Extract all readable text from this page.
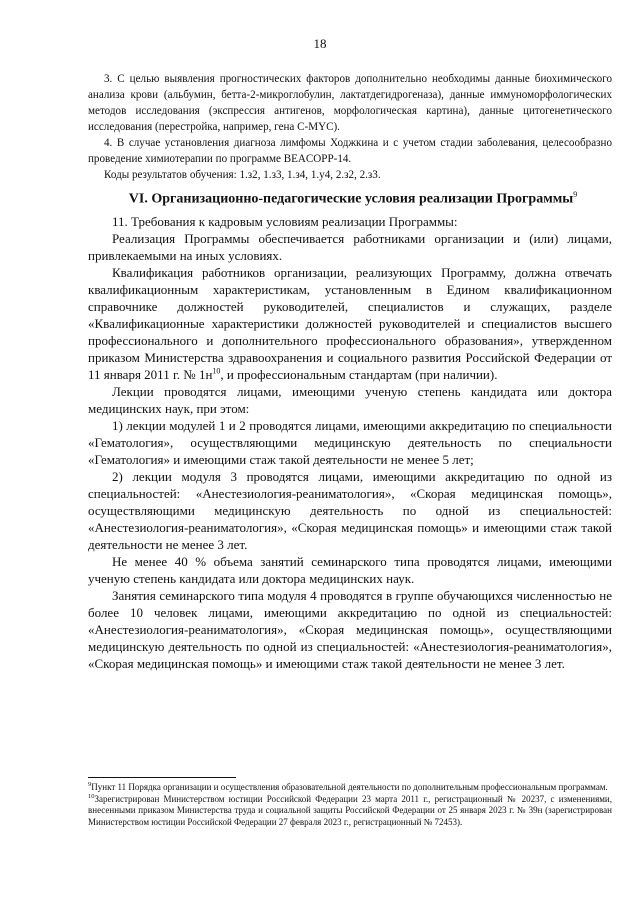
18

3. С целью выявления прогностических факторов дополнительно необходимы данные биохимического анализа крови (альбумин, бетта-2-микроглобулин, лактатдегидрогеназа), данные иммуноморфологических методов исследования (экспрессия антигенов, морфологическая картина), данные цитогенетического исследования (перестройка, например, гена C-MYC).

4. В случае установления диагноза лимфомы Ходжкина и с учетом стадии заболевания, целесообразно проведение химиотерапии по программе BEACOPP-14.

Коды результатов обучения: 1.з2, 1.з3, 1.з4, 1.у4, 2.з2, 2.з3.

VI. Организационно-педагогические условия реализации Программы$^9$

11. Требования к кадровым условиям реализации Программы:

Реализация Программы обеспечивается работниками организации и (или) лицами, привлекаемыми на иных условиях.

Квалификация работников организации, реализующих Программу, должна отвечать квалификационным характеристикам, установленным в Едином квалификационном справочнике должностей руководителей, специалистов и служащих, разделе «Квалификационные характеристики должностей руководителей и специалистов высшего профессионального и дополнительного профессионального образования», утвержденном приказом Министерства здравоохранения и социального развития Российской Федерации от 11 января 2011 г. № $1н^{10}$, и профессиональным стандартам (при наличии).

Лекции проводятся лицами, имеющими ученую степень кандидата или доктора медицинских наук, при этом:

1) лекции модулей 1 и 2 проводятся лицами, имеющими аккредитацию по специальности «Гематология», осуществляющими медицинскую деятельность по специальности «Гематология» и имеющими стаж такой деятельности не менее 5 лет;

2) лекции модуля 3 проводятся лицами, имеющими аккредитацию по одной из специальностей: «Анестезиология-реаниматология», «Скорая медицинская помощь», осуществляющими медицинскую деятельность по одной из специальностей: «Анестезиология-реаниматология», «Скорая медицинская помощь» и имеющими стаж такой деятельности не менее 3 лет.

Не менее 40 % объема занятий семинарского типа проводятся лицами, имеющими ученую степень кандидата или доктора медицинских наук.

Занятия семинарского типа модуля 4 проводятся в группе обучающихся численностью не более 10 человек лицами, имеющими аккредитацию по одной из специальностей: «Анестезиология-реаниматология», «Скорая медицинская помощь», осуществляющими медицинскую деятельность по одной из специальностей: «Анестезиология-реаниматология», «Скорая медицинская помощь» и имеющими стаж такой деятельности не менее 3 лет.

$^9$Пункт 11 Порядка организации и осуществления образовательной деятельности по дополнительным профессиональным программам.

$^{10}$Зарегистрирован Министерством юстиции Российской Федерации 23 марта 2011 г., регистрационный № 20237, с изменениями, внесенными приказом Министерства труда и социальной защиты Российской Федерации от 25 января 2023 г. № 39н (зарегистрирован Министерством юстиции Российской Федерации 27 февраля 2023 г., регистрационный № 72453).
